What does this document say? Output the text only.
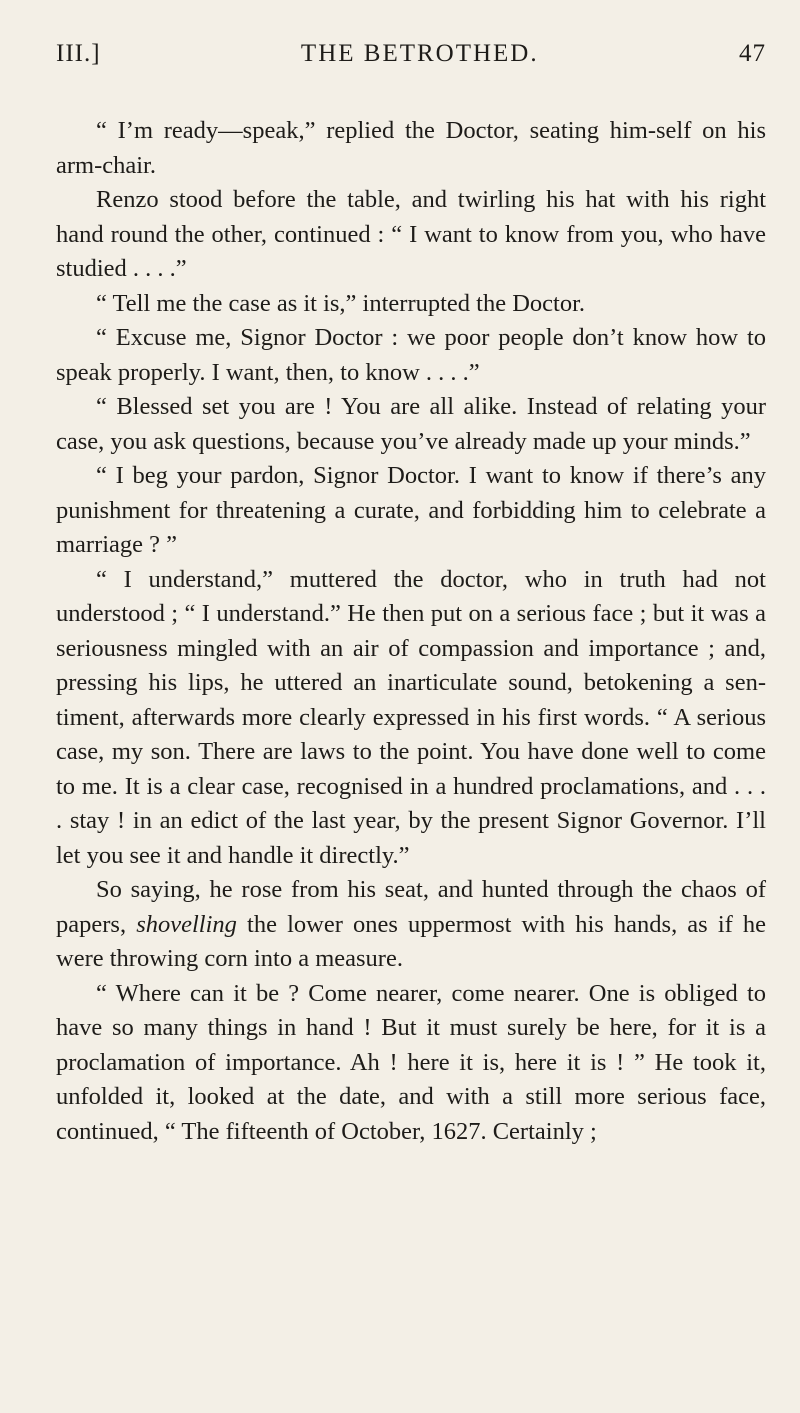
III.]	THE BETROTHED.	47

“ I’m ready—speak,” replied the Doctor, seating him-self on his arm-chair.

Renzo stood before the table, and twirling his hat with his right hand round the other, continued : “ I want to know from you, who have studied . . . .”

“ Tell me the case as it is,” interrupted the Doctor.

“ Excuse me, Signor Doctor : we poor people don’t know how to speak properly. I want, then, to know . . . .”

“ Blessed set you are ! You are all alike. Instead of relating your case, you ask questions, because you’ve already made up your minds.”

“ I beg your pardon, Signor Doctor. I want to know if there’s any punishment for threatening a curate, and forbidding him to celebrate a marriage ? ”

“ I understand,” muttered the doctor, who in truth had not understood ; “ I understand.” He then put on a serious face ; but it was a seriousness mingled with an air of compassion and importance ; and, pressing his lips, he uttered an inarticulate sound, betokening a sen-timent, afterwards more clearly expressed in his first words. “ A serious case, my son. There are laws to the point. You have done well to come to me. It is a clear case, recognised in a hundred proclamations, and . . . . stay ! in an edict of the last year, by the present Signor Governor. I’ll let you see it and handle it directly.”

So saying, he rose from his seat, and hunted through the chaos of papers, shovelling the lower ones uppermost with his hands, as if he were throwing corn into a measure.

“ Where can it be ? Come nearer, come nearer. One is obliged to have so many things in hand ! But it must surely be here, for it is a proclamation of importance. Ah ! here it is, here it is ! ” He took it, unfolded it, looked at the date, and with a still more serious face, continued, “ The fifteenth of October, 1627. Certainly ;
